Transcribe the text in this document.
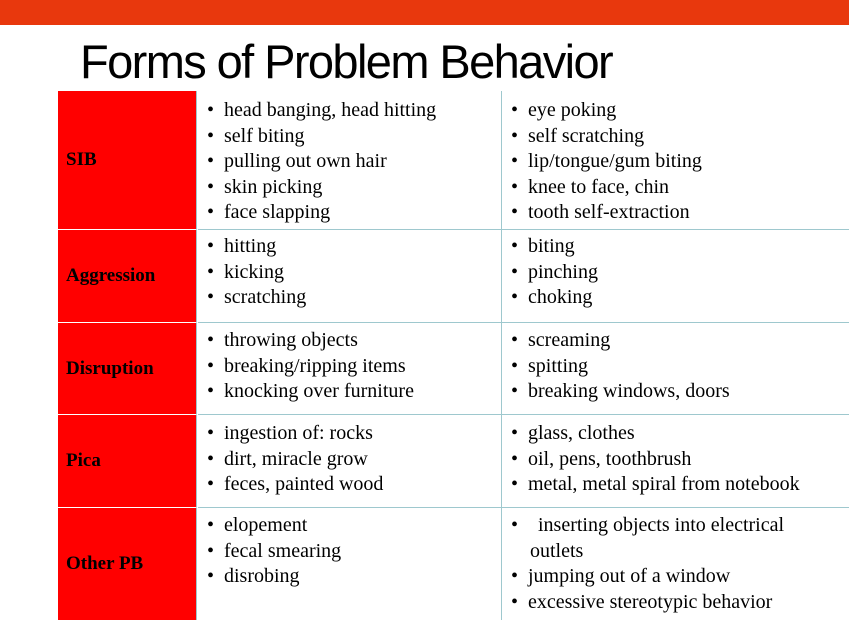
Forms of Problem Behavior
SIB
• head banging, head hitting
• self biting
• pulling out own hair
• skin picking
• face slapping
• eye poking
• self scratching
• lip/tongue/gum biting
• knee to face, chin
• tooth self-extraction
Aggression
• hitting
• kicking
• scratching
• biting
• pinching
• choking
Disruption
• throwing objects
• breaking/ripping items
• knocking over furniture
• screaming
• spitting
• breaking windows, doors
Pica
• ingestion of: rocks
• dirt, miracle grow
• feces, painted wood
• glass, clothes
• oil, pens, toothbrush
• metal, metal spiral from notebook
Other PB
• elopement
• fecal smearing
• disrobing
• inserting objects into electrical
outlets
• jumping out of a window
• excessive stereotypic behavior
